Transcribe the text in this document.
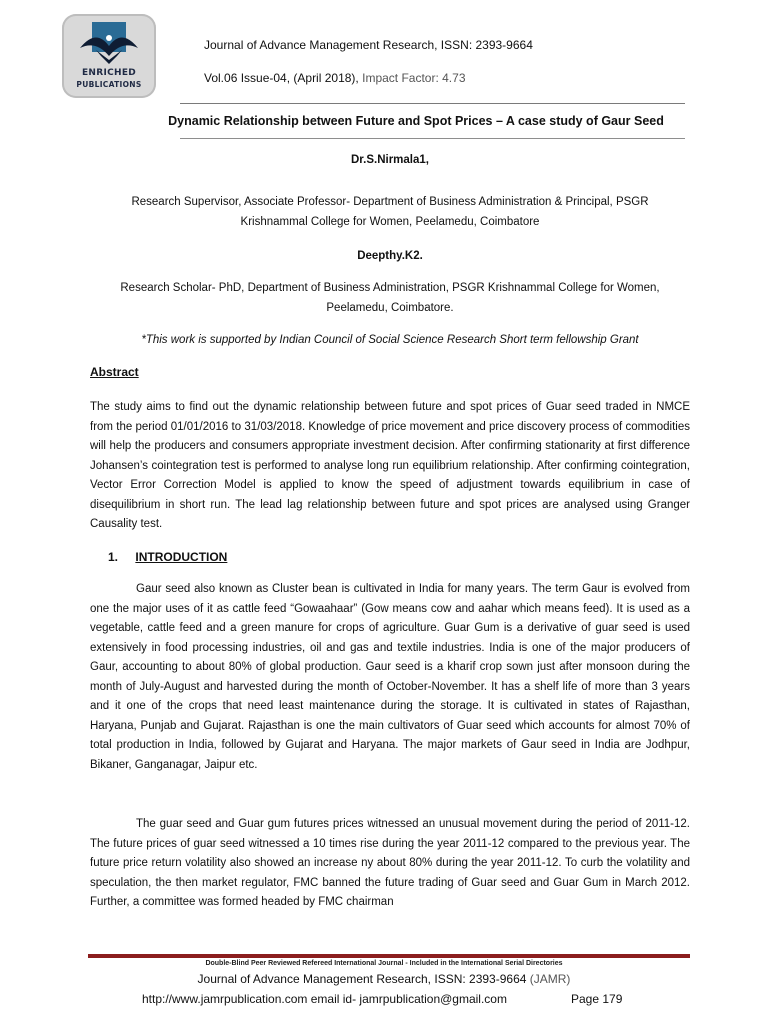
ENRICHED
PUBLICATIONS
Journal of Advance Management Research, ISSN: 2393-9664
Vol.06 Issue-04, (April 2018), Impact Factor: 4.73
Dynamic Relationship between Future and Spot Prices – A case study of Gaur Seed
Dr.S.Nirmala1,
Research Supervisor, Associate Professor- Department of Business Administration & Principal, PSGR
Krishnammal College for Women, Peelamedu, Coimbatore
Deepthy.K2.
Research Scholar- PhD, Department of Business Administration, PSGR Krishnammal College for Women,
Peelamedu, Coimbatore.
*This work is supported by Indian Council of Social Science Research Short term fellowship Grant
Abstract
The study aims to find out the dynamic relationship between future and spot prices of Guar seed traded in NMCE from the period 01/01/2016 to 31/03/2018. Knowledge of price movement and price discovery process of commodities will help the producers and consumers appropriate investment decision. After confirming stationarity at first difference Johansen’s cointegration test is performed to analyse long run equilibrium relationship. After confirming cointegration, Vector Error Correction Model is applied to know the speed of adjustment towards equilibrium in case of disequilibrium in short run. The lead lag relationship between future and spot prices are analysed using Granger Causality test.
1. INTRODUCTION
Gaur seed also known as Cluster bean is cultivated in India for many years. The term Gaur is evolved from one the major uses of it as cattle feed “Gowaahaar” (Gow means cow and aahar which means feed). It is used as a vegetable, cattle feed and a green manure for crops of agriculture. Guar Gum is a derivative of guar seed is used extensively in food processing industries, oil and gas and textile industries. India is one of the major producers of Gaur, accounting to about 80% of global production. Gaur seed is a kharif crop sown just after monsoon during the month of July-August and harvested during the month of October-November. It has a shelf life of more than 3 years and it one of the crops that need least maintenance during the storage. It is cultivated in states of Rajasthan, Haryana, Punjab and Gujarat. Rajasthan is one the main cultivators of Guar seed which accounts for almost 70% of total production in India, followed by Gujarat and Haryana. The major markets of Gaur seed in India are Jodhpur, Bikaner, Ganganagar, Jaipur etc.
The guar seed and Guar gum futures prices witnessed an unusual movement during the period of 2011-12. The future prices of guar seed witnessed a 10 times rise during the year 2011-12 compared to the previous year. The future price return volatility also showed an increase ny about 80% during the year 2011-12. To curb the volatility and speculation, the then market regulator, FMC banned the future trading of Guar seed and Guar Gum in March 2012. Further, a committee was formed headed by FMC chairman
Double-Blind Peer Reviewed Refereed International Journal - Included in the International Serial Directories
Journal of Advance Management Research, ISSN: 2393-9664 (JAMR)
http://www.jamrpublication.com email id- jamrpublication@gmail.com	Page 179
